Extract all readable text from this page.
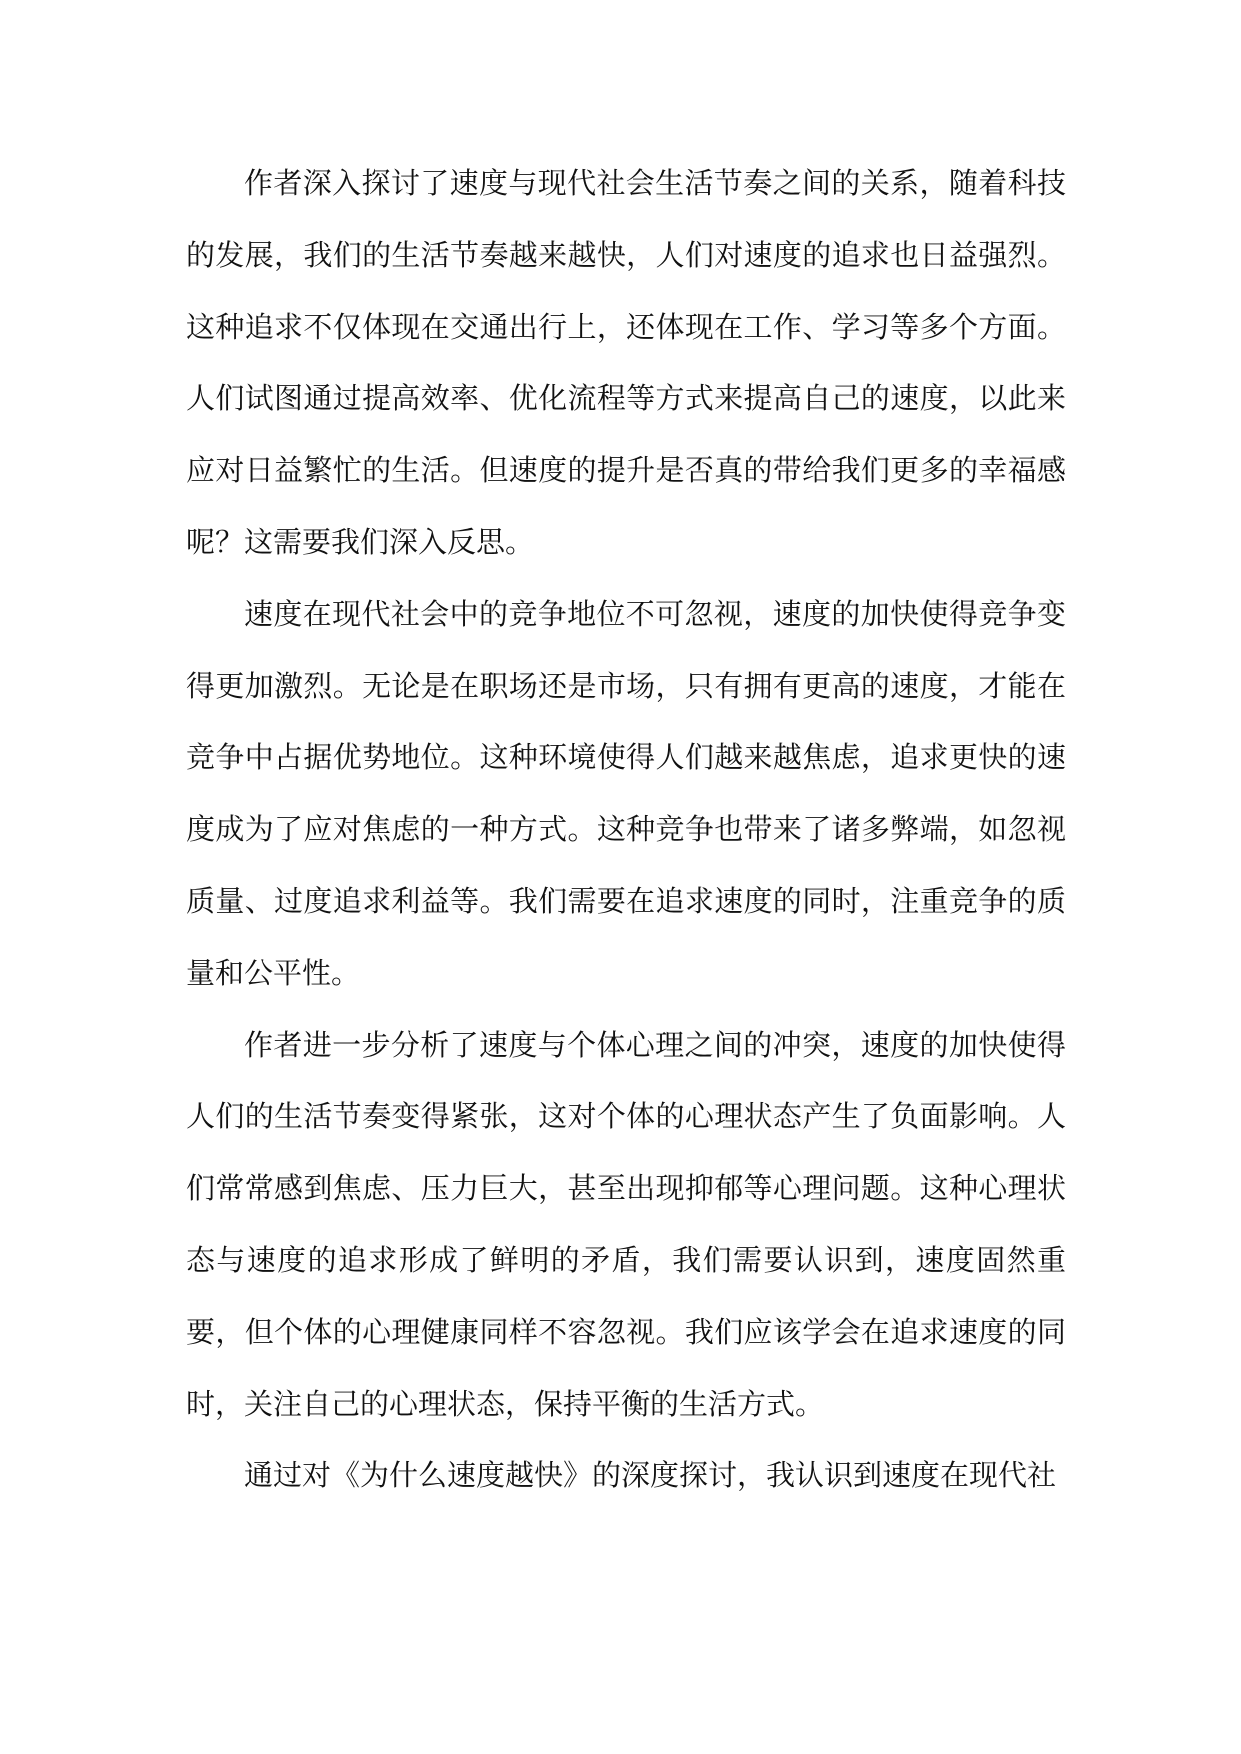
作者深入探讨了速度与现代社会生活节奏之间的关系，随着科技的发展，我们的生活节奏越来越快，人们对速度的追求也日益强烈。这种追求不仅体现在交通出行上，还体现在工作、学习等多个方面。人们试图通过提高效率、优化流程等方式来提高自己的速度，以此来应对日益繁忙的生活。但速度的提升是否真的带给我们更多的幸福感呢？这需要我们深入反思。

速度在现代社会中的竞争地位不可忽视，速度的加快使得竞争变得更加激烈。无论是在职场还是市场，只有拥有更高的速度，才能在竞争中占据优势地位。这种环境使得人们越来越焦虑，追求更快的速度成为了应对焦虑的一种方式。这种竞争也带来了诸多弊端，如忽视质量、过度追求利益等。我们需要在追求速度的同时，注重竞争的质量和公平性。

作者进一步分析了速度与个体心理之间的冲突，速度的加快使得人们的生活节奏变得紧张，这对个体的心理状态产生了负面影响。人们常常感到焦虑、压力巨大，甚至出现抑郁等心理问题。这种心理状态与速度的追求形成了鲜明的矛盾，我们需要认识到，速度固然重要，但个体的心理健康同样不容忽视。我们应该学会在追求速度的同时，关注自己的心理状态，保持平衡的生活方式。

通过对《为什么速度越快》的深度探讨，我认识到速度在现代社
